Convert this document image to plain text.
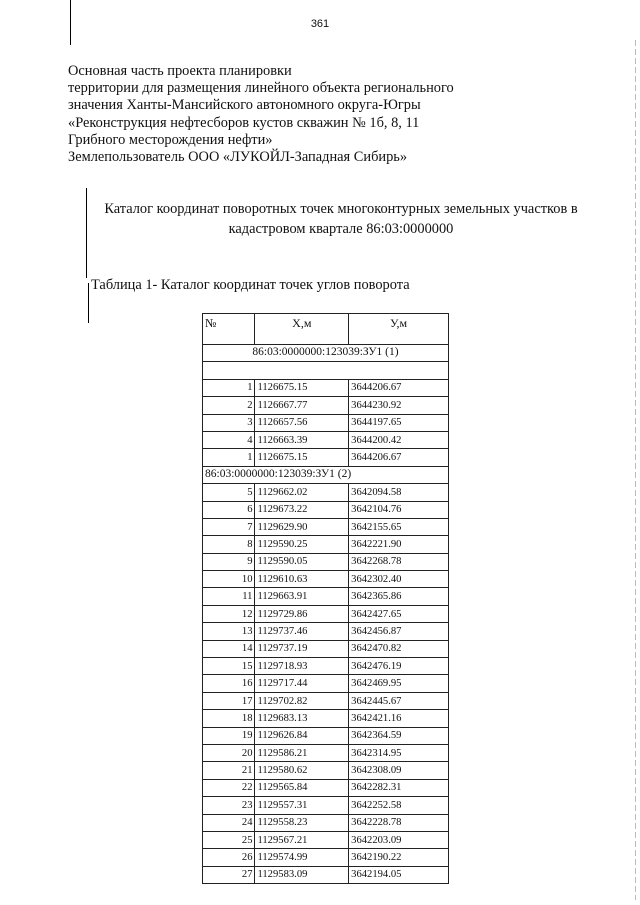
361
Основная часть проекта планировки
территории для размещения линейного объекта регионального
значения Ханты-Мансийского автономного округа-Югры
«Реконструкция нефтесборов кустов скважин № 1б, 8, 11
Грибного месторождения нефти»
Землепользователь ООО «ЛУКОЙЛ-Западная Сибирь»
Каталог координат поворотных точек многоконтурных земельных участков в
кадастровом квартале 86:03:0000000
Таблица 1- Каталог координат точек углов поворота
№	Х,м	У,м
86:03:0000000:123039:ЗУ1 (1)		

1	1126675.15	3644206.67
2	1126667.77	3644230.92
3	1126657.56	3644197.65
4	1126663.39	3644200.42
1	1126675.15	3644206.67
86:03:0000000:123039:ЗУ1 (2)		
5	1129662.02	3642094.58
6	1129673.22	3642104.76
7	1129629.90	3642155.65
8	1129590.25	3642221.90
9	1129590.05	3642268.78
10	1129610.63	3642302.40
11	1129663.91	3642365.86
12	1129729.86	3642427.65
13	1129737.46	3642456.87
14	1129737.19	3642470.82
15	1129718.93	3642476.19
16	1129717.44	3642469.95
17	1129702.82	3642445.67
18	1129683.13	3642421.16
19	1129626.84	3642364.59
20	1129586.21	3642314.95
21	1129580.62	3642308.09
22	1129565.84	3642282.31
23	1129557.31	3642252.58
24	1129558.23	3642228.78
25	1129567.21	3642203.09
26	1129574.99	3642190.22
27	1129583.09	3642194.05
